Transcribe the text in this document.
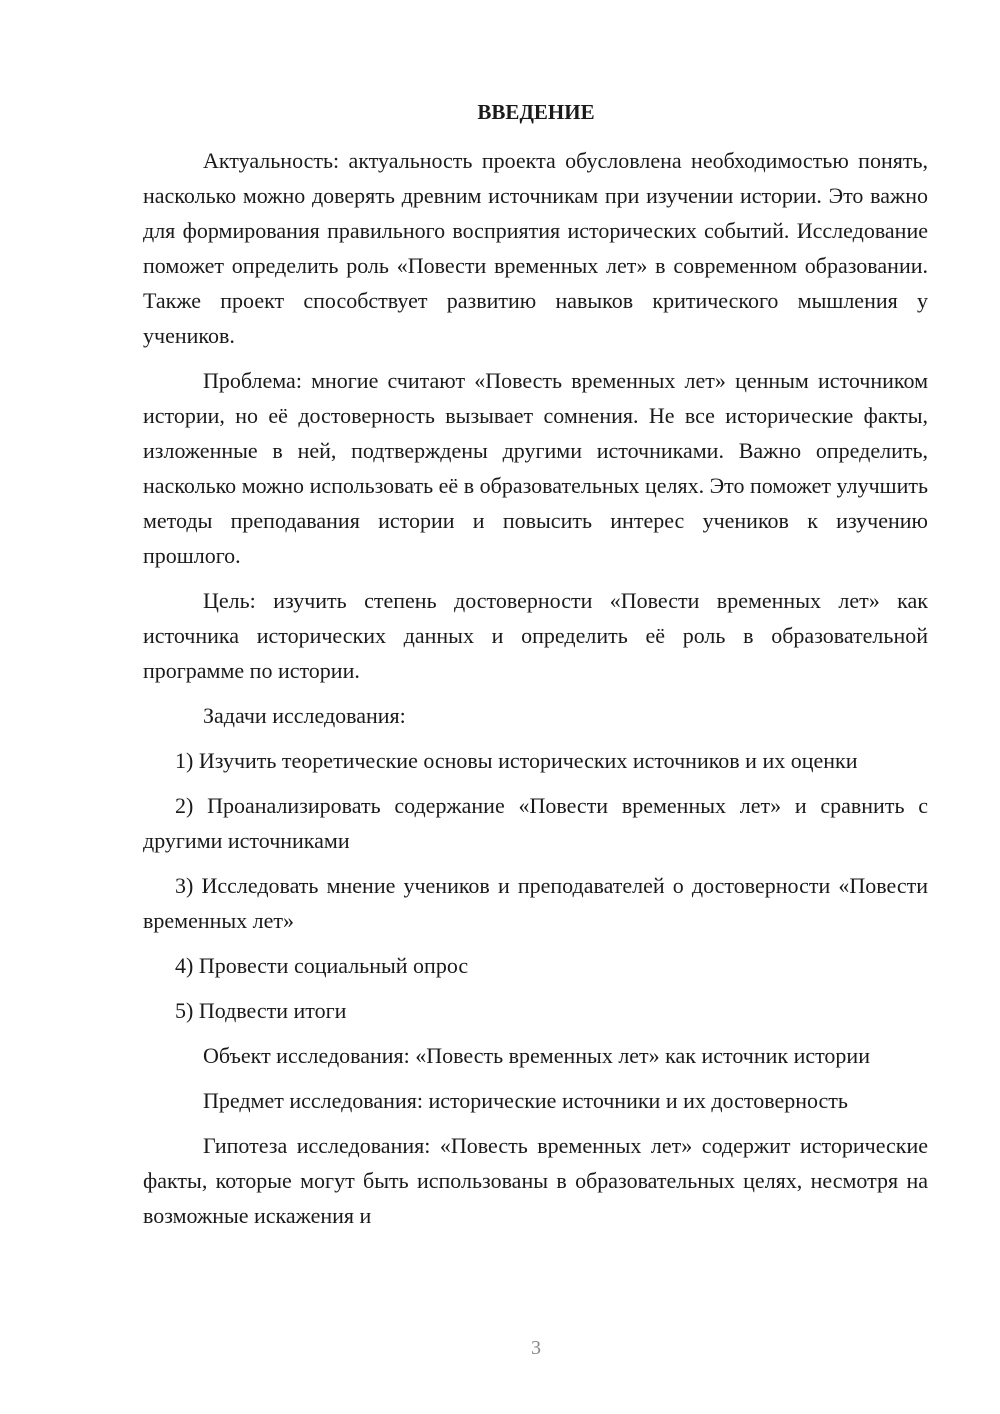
ВВЕДЕНИЕ

Актуальность: актуальность проекта обусловлена необходимостью понять, насколько можно доверять древним источникам при изучении истории. Это важно для формирования правильного восприятия исторических событий. Исследование поможет определить роль «Повести временных лет» в современном образовании. Также проект способствует развитию навыков критического мышления у учеников.

Проблема: многие считают «Повесть временных лет» ценным источником истории, но её достоверность вызывает сомнения. Не все исторические факты, изложенные в ней, подтверждены другими источниками. Важно определить, насколько можно использовать её в образовательных целях. Это поможет улучшить методы преподавания истории и повысить интерес учеников к изучению прошлого.

Цель: изучить степень достоверности «Повести временных лет» как источника исторических данных и определить её роль в образовательной программе по истории.

Задачи исследования:

1) Изучить теоретические основы исторических источников и их оценки

2) Проанализировать содержание «Повести временных лет» и сравнить с другими источниками

3) Исследовать мнение учеников и преподавателей о достоверности «Повести временных лет»

4) Провести социальный опрос

5) Подвести итоги

Объект исследования: «Повесть временных лет» как источник истории

Предмет исследования: исторические источники и их достоверность

Гипотеза исследования: «Повесть временных лет» содержит исторические факты, которые могут быть использованы в образовательных целях, несмотря на возможные искажения и

3
